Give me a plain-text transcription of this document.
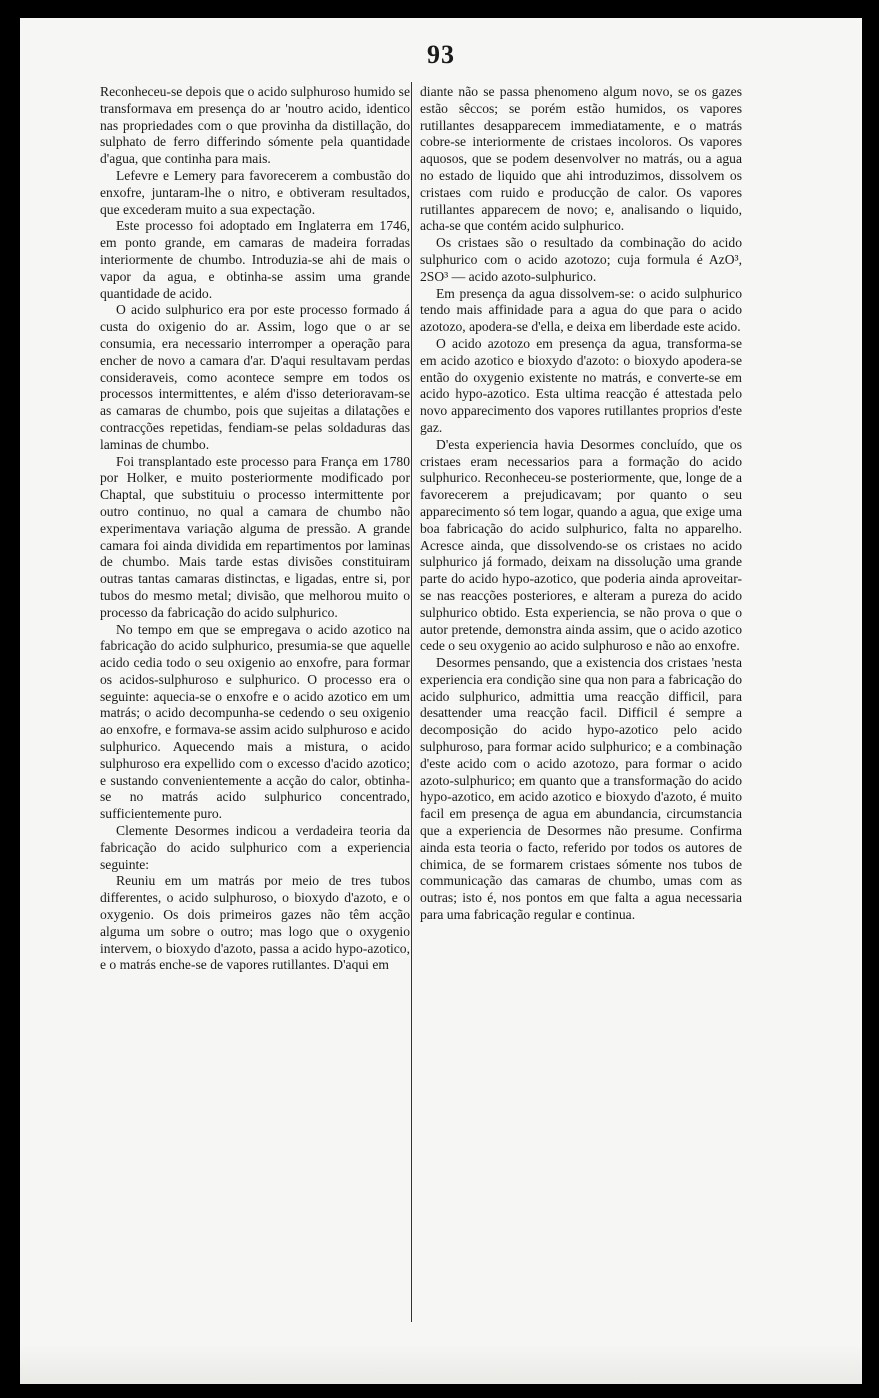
93

Reconheceu-se depois que o acido sulphuroso humido se transformava em presença do ar 'noutro acido, identico nas propriedades com o que provinha da distillação, do sulphato de ferro differindo sómente pela quantidade d'agua, que continha para mais.

Lefevre e Lemery para favorecerem a combustão do enxofre, juntaram-lhe o nitro, e obtiveram resultados, que excederam muito a sua expectação.

Este processo foi adoptado em Inglaterra em 1746, em ponto grande, em camaras de madeira forradas interiormente de chumbo. Introduzia-se ahi de mais o vapor da agua, e obtinha-se assim uma grande quantidade de acido.

O acido sulphurico era por este processo formado á custa do oxigenio do ar. Assim, logo que o ar se consumia, era necessario interromper a operação para encher de novo a camara d'ar. D'aqui resultavam perdas consideraveis, como acontece sempre em todos os processos intermittentes, e além d'isso deterioravam-se as camaras de chumbo, pois que sujeitas a dilatações e contracções repetidas, fendiam-se pelas soldaduras das laminas de chumbo.

Foi transplantado este processo para França em 1780 por Holker, e muito posteriormente modificado por Chaptal, que substituiu o processo intermittente por outro continuo, no qual a camara de chumbo não experimentava variação alguma de pressão. A grande camara foi ainda dividida em repartimentos por laminas de chumbo. Mais tarde estas divisões constituiram outras tantas camaras distinctas, e ligadas, entre si, por tubos do mesmo metal; divisão, que melhorou muito o processo da fabricação do acido sulphurico.

No tempo em que se empregava o acido azotico na fabricação do acido sulphurico, presumia-se que aquelle acido cedia todo o seu oxigenio ao enxofre, para formar os acidos-sulphuroso e sulphurico. O processo era o seguinte: aquecia-se o enxofre e o acido azotico em um matrás; o acido decompunha-se cedendo o seu oxigenio ao enxofre, e formava-se assim acido sulphuroso e acido sulphurico. Aquecendo mais a mistura, o acido sulphuroso era expellido com o excesso d'acido azotico; e sustando convenientemente a acção do calor, obtinha-se no matrás acido sulphurico concentrado, sufficientemente puro.

Clemente Desormes indicou a verdadeira teoria da fabricação do acido sulphurico com a experiencia seguinte:

Reuniu em um matrás por meio de tres tubos differentes, o acido sulphuroso, o bioxydo d'azoto, e o oxygenio. Os dois primeiros gazes não têm acção alguma um sobre o outro; mas logo que o oxygenio intervem, o bioxydo d'azoto, passa a acido hypo-azotico, e o matrás enche-se de vapores rutillantes. D'aqui em

diante não se passa phenomeno algum novo, se os gazes estão sêccos; se porém estão humidos, os vapores rutillantes desapparecem immediatamente, e o matrás cobre-se interiormente de cristaes incoloros. Os vapores aquosos, que se podem desenvolver no matrás, ou a agua no estado de liquido que ahi introduzimos, dissolvem os cristaes com ruido e producção de calor. Os vapores rutillantes apparecem de novo; e, analisando o liquido, acha-se que contém acido sulphurico.

Os cristaes são o resultado da combinação do acido sulphurico com o acido azotozo; cuja formula é AzO³, 2SO³ — acido azoto-sulphurico.

Em presença da agua dissolvem-se: o acido sulphurico tendo mais affinidade para a agua do que para o acido azotozo, apodera-se d'ella, e deixa em liberdade este acido.

O acido azotozo em presença da agua, transforma-se em acido azotico e bioxydo d'azoto: o bioxydo apodera-se então do oxygenio existente no matrás, e converte-se em acido hypo-azotico. Esta ultima reacção é attestada pelo novo apparecimento dos vapores rutillantes proprios d'este gaz.

D'esta experiencia havia Desormes concluído, que os cristaes eram necessarios para a formação do acido sulphurico. Reconheceu-se posteriormente, que, longe de a favorecerem a prejudicavam; por quanto o seu apparecimento só tem logar, quando a agua, que exige uma boa fabricação do acido sulphurico, falta no apparelho. Acresce ainda, que dissolvendo-se os cristaes no acido sulphurico já formado, deixam na dissolução uma grande parte do acido hypo-azotico, que poderia ainda aproveitar-se nas reacções posteriores, e alteram a pureza do acido sulphurico obtido. Esta experiencia, se não prova o que o autor pretende, demonstra ainda assim, que o acido azotico cede o seu oxygenio ao acido sulphuroso e não ao enxofre.

Desormes pensando, que a existencia dos cristaes 'nesta experiencia era condição sine qua non para a fabricação do acido sulphurico, admittia uma reacção difficil, para desattender uma reacção facil. Difficil é sempre a decomposição do acido hypo-azotico pelo acido sulphuroso, para formar acido sulphurico; e a combinação d'este acido com o acido azotozo, para formar o acido azoto-sulphurico; em quanto que a transformação do acido hypo-azotico, em acido azotico e bioxydo d'azoto, é muito facil em presença de agua em abundancia, circumstancia que a experiencia de Desormes não presume. Confirma ainda esta teoria o facto, referido por todos os autores de chimica, de se formarem cristaes sómente nos tubos de communicação das camaras de chumbo, umas com as outras; isto é, nos pontos em que falta a agua necessaria para uma fabricação regular e continua.
